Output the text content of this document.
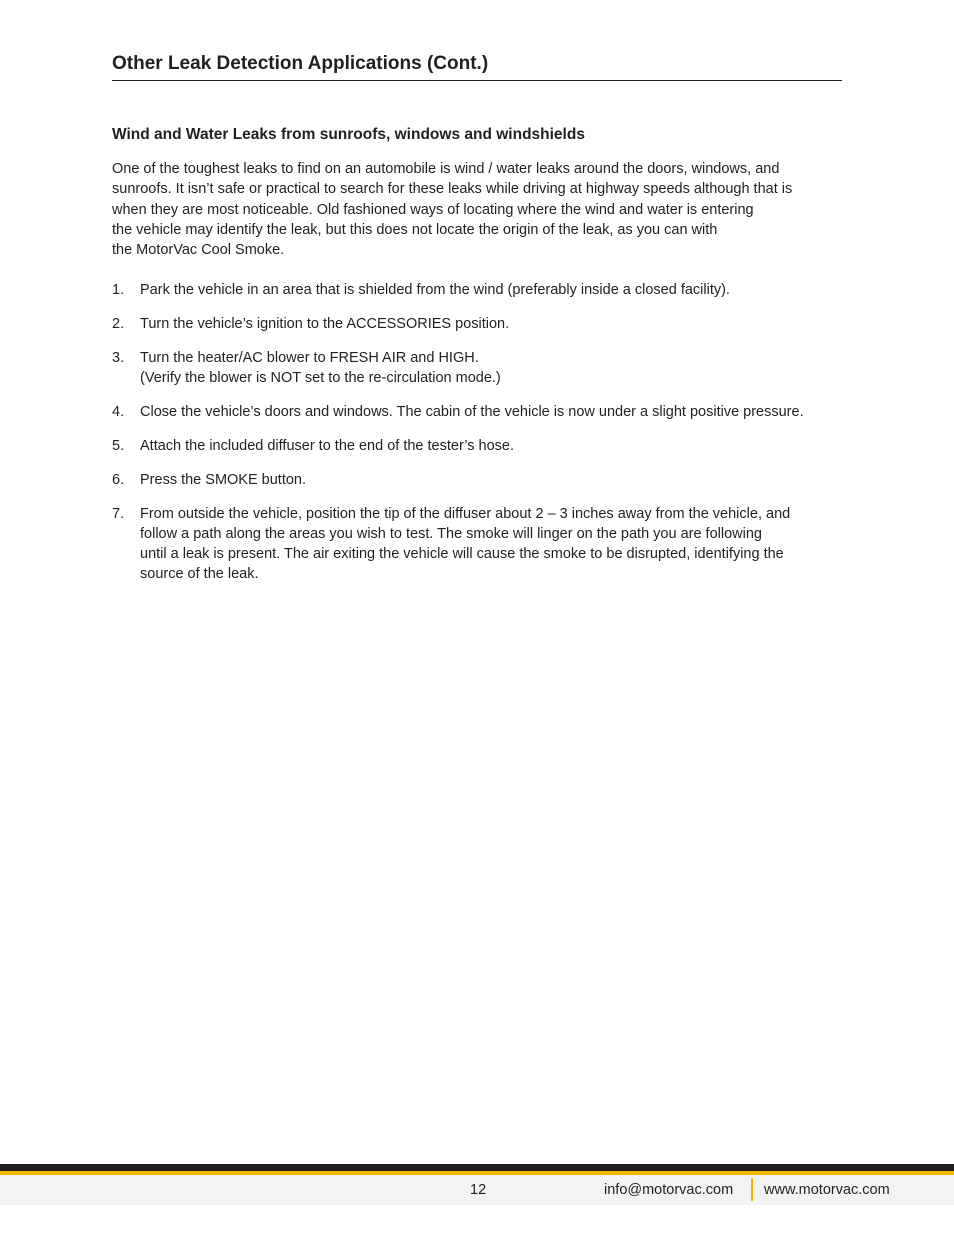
Other Leak Detection Applications (Cont.)
Wind and Water Leaks from sunroofs, windows and windshields

One of the toughest leaks to find on an automobile is wind / water leaks around the doors, windows, and
sunroofs. It isn’t safe or practical to search for these leaks while driving at highway speeds although that is
when they are most noticeable. Old fashioned ways of locating where the wind and water is entering
the vehicle may identify the leak, but this does not locate the origin of the leak, as you can with
the MotorVac Cool Smoke.

1. Park the vehicle in an area that is shielded from the wind (preferably inside a closed facility).
2. Turn the vehicle’s ignition to the ACCESSORIES position.
3. Turn the heater/AC blower to FRESH AIR and HIGH.
(Verify the blower is NOT set to the re-circulation mode.)
4. Close the vehicle’s doors and windows. The cabin of the vehicle is now under a slight positive pressure.
5. Attach the included diffuser to the end of the tester’s hose.
6. Press the SMOKE button.
7. From outside the vehicle, position the tip of the diffuser about 2 – 3 inches away from the vehicle, and
follow a path along the areas you wish to test. The smoke will linger on the path you are following
until a leak is present. The air exiting the vehicle will cause the smoke to be disrupted, identifying the
source of the leak.
12	info@motorvac.com www.motorvac.com
